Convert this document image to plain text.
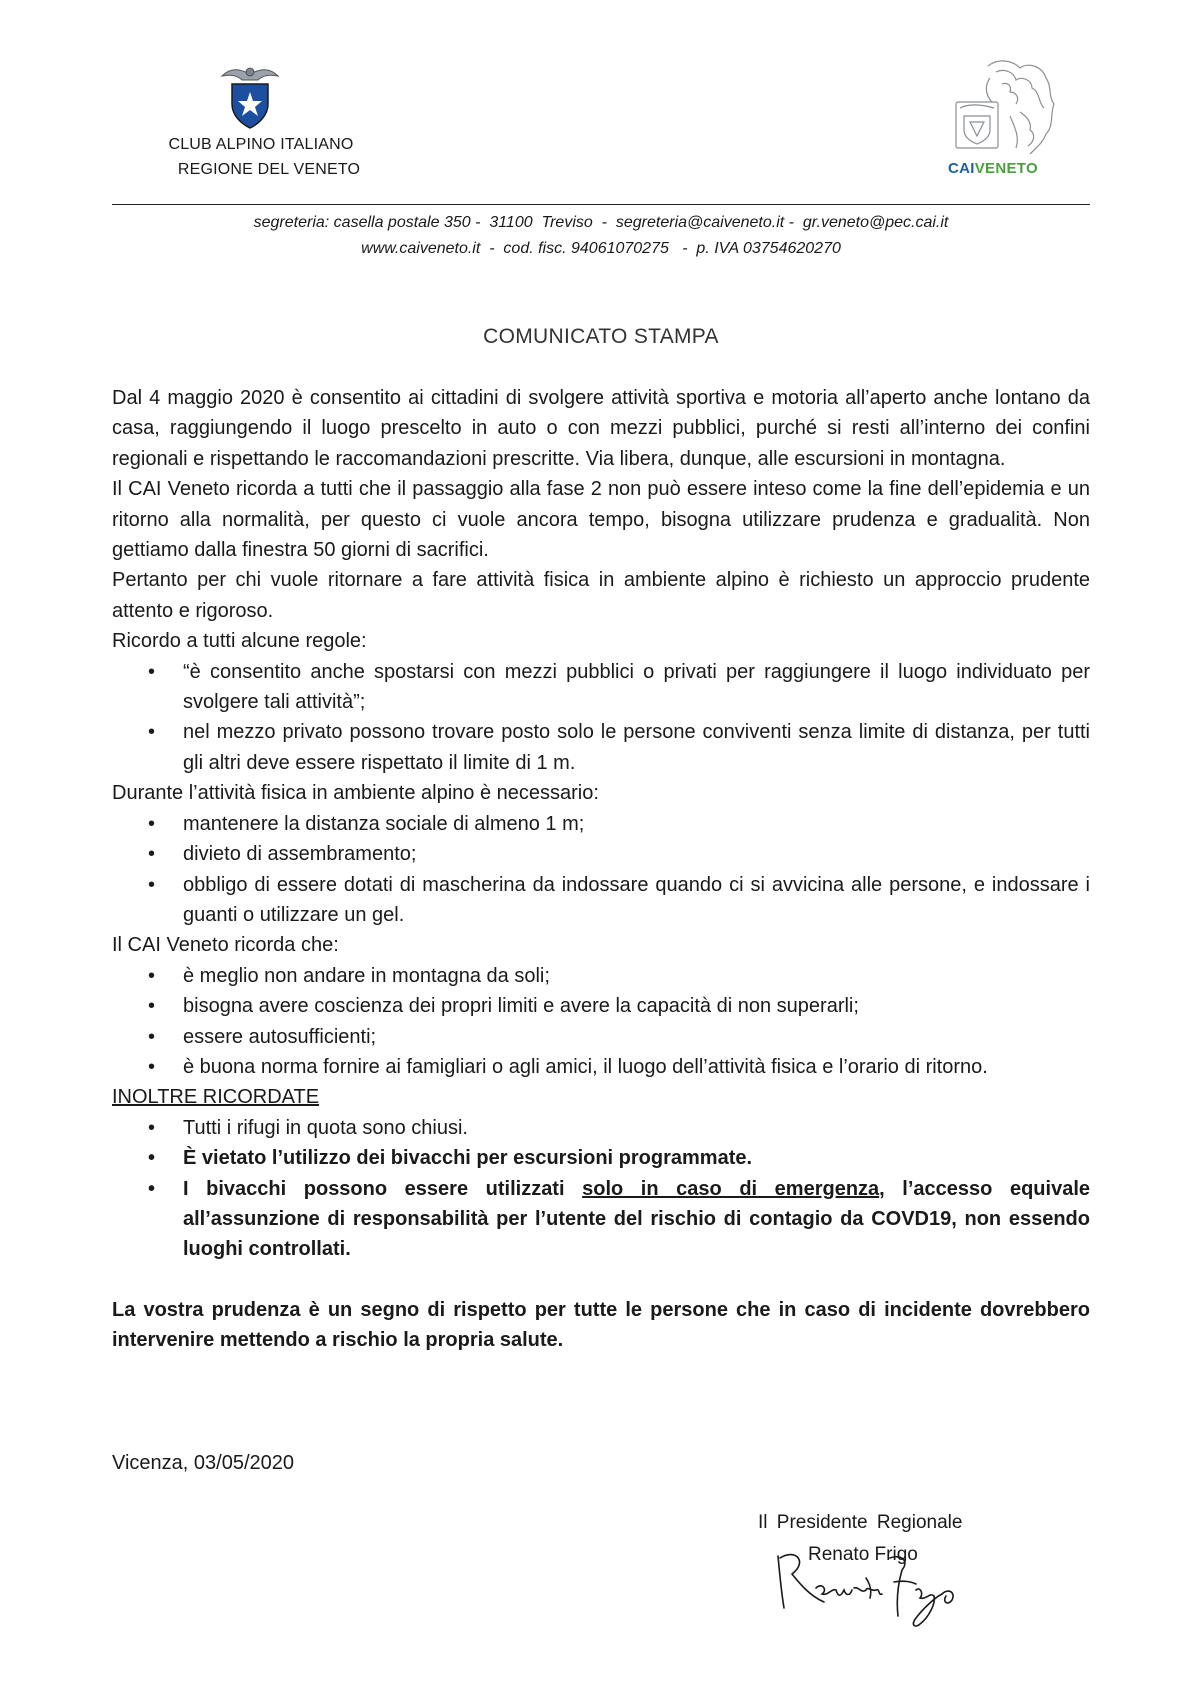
CLUB ALPINO ITALIANO
REGIONE DEL VENETO	CAIVENETO
segreteria: casella postale 350 -  31100  Treviso  -  segreteria@caiveneto.it -  gr.veneto@pec.cai.it
www.caiveneto.it  -  cod. fisc. 94061070275   -  p. IVA 03754620270
COMUNICATO STAMPA

Dal 4 maggio 2020 è consentito ai cittadini di svolgere attività sportiva e motoria all’aperto anche lontano da casa, raggiungendo il luogo prescelto in auto o con mezzi pubblici, purché si resti all’interno dei confini regionali e rispettando le raccomandazioni prescritte. Via libera, dunque, alle escursioni in montagna.

Il CAI Veneto ricorda a tutti che il passaggio alla fase 2 non può essere inteso come la fine dell’epidemia e un ritorno alla normalità, per questo ci vuole ancora tempo, bisogna utilizzare prudenza e gradualità. Non gettiamo dalla finestra 50 giorni di sacrifici.

Pertanto per chi vuole ritornare a fare attività fisica in ambiente alpino è richiesto un approccio prudente attento e rigoroso.

Ricordo a tutti alcune regole:

• “è consentito anche spostarsi con mezzi pubblici o privati per raggiungere il luogo individuato per svolgere tali attività”;
• nel mezzo privato possono trovare posto solo le persone conviventi senza limite di distanza, per tutti gli altri deve essere rispettato il limite di 1 m.

Durante l’attività fisica in ambiente alpino è necessario:

• mantenere la distanza sociale di almeno 1 m;
• divieto di assembramento;
• obbligo di essere dotati di mascherina da indossare quando ci si avvicina alle persone, e indossare i guanti o utilizzare un gel.

Il CAI Veneto ricorda che:

• è meglio non andare in montagna da soli;
• bisogna avere coscienza dei propri limiti e avere la capacità di non superarli;
• essere autosufficienti;
• è buona norma fornire ai famigliari o agli amici, il luogo dell’attività fisica e l’orario di ritorno.

INOLTRE RICORDATE

• Tutti i rifugi in quota sono chiusi.
• È vietato l’utilizzo dei bivacchi per escursioni programmate.
• I bivacchi possono essere utilizzati solo in caso di emergenza, l’accesso equivale all’assunzione di responsabilità per l’utente del rischio di contagio da COVD19, non essendo luoghi controllati.

La vostra prudenza è un segno di rispetto per tutte le persone che in caso di incidente dovrebbero intervenire mettendo a rischio la propria salute.

Vicenza, 03/05/2020
Il Presidente Regionale
Renato Frigo
